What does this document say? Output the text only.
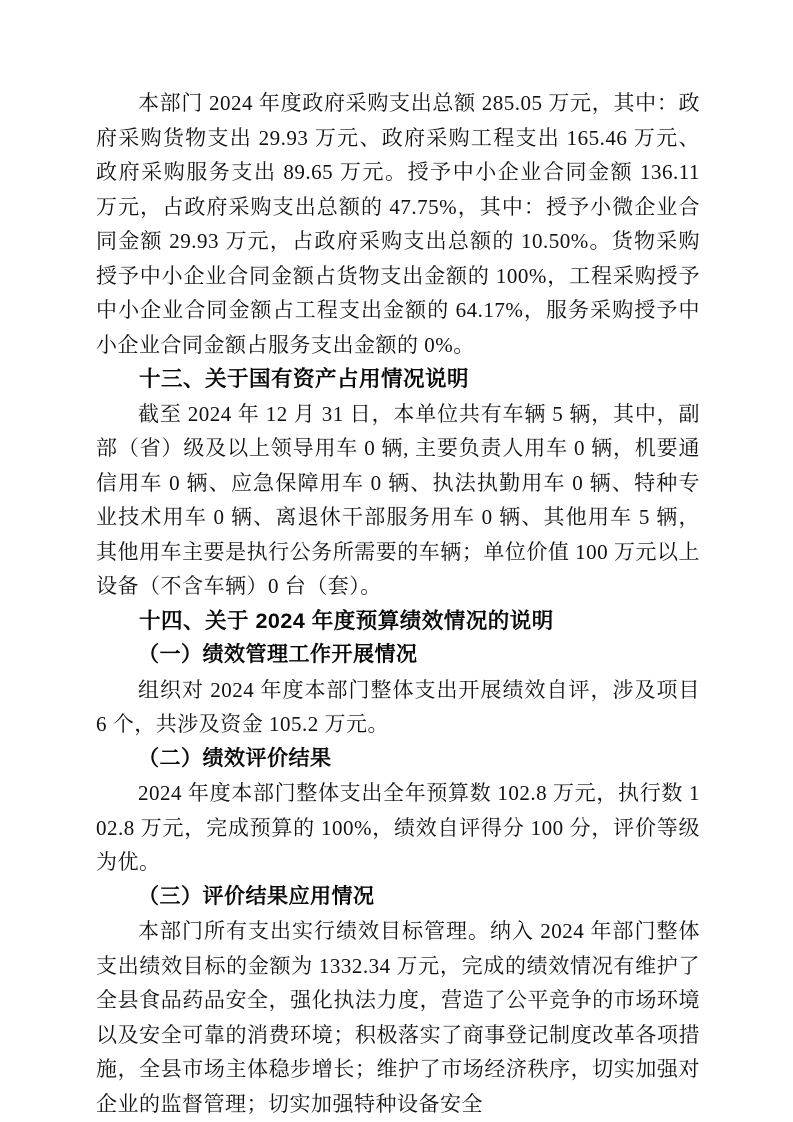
本部门 2024 年度政府采购支出总额 285.05 万元，其中：政府采购货物支出 29.93 万元、政府采购工程支出 165.46 万元、政府采购服务支出 89.65 万元。授予中小企业合同金额 136.11 万元，占政府采购支出总额的 47.75%，其中：授予小微企业合同金额 29.93 万元，占政府采购支出总额的 10.50%。货物采购授予中小企业合同金额占货物支出金额的 100%，工程采购授予中小企业合同金额占工程支出金额的 64.17%，服务采购授予中小企业合同金额占服务支出金额的 0%。

十三、关于国有资产占用情况说明

截至 2024 年 12 月 31 日，本单位共有车辆 5 辆，其中，副部（省）级及以上领导用车 0 辆, 主要负责人用车 0 辆，机要通信用车 0 辆、应急保障用车 0 辆、执法执勤用车 0 辆、特种专业技术用车 0 辆、离退休干部服务用车 0 辆、其他用车 5 辆，其他用车主要是执行公务所需要的车辆；单位价值 100 万元以上设备（不含车辆）0 台（套）。

十四、关于 2024 年度预算绩效情况的说明
（一）绩效管理工作开展情况

组织对 2024 年度本部门整体支出开展绩效自评，涉及项目 6 个，共涉及资金 105.2 万元。

（二）绩效评价结果

2024 年度本部门整体支出全年预算数 102.8 万元，执行数 102.8 万元，完成预算的 100%，绩效自评得分 100 分，评价等级为优。

（三）评价结果应用情况

本部门所有支出实行绩效目标管理。纳入 2024 年部门整体支出绩效目标的金额为 1332.34 万元，完成的绩效情况有维护了全县食品药品安全，强化执法力度，营造了公平竞争的市场环境以及安全可靠的消费环境；积极落实了商事登记制度改革各项措施，全县市场主体稳步增长；维护了市场经济秩序，切实加强对企业的监督管理；切实加强特种设备安全
